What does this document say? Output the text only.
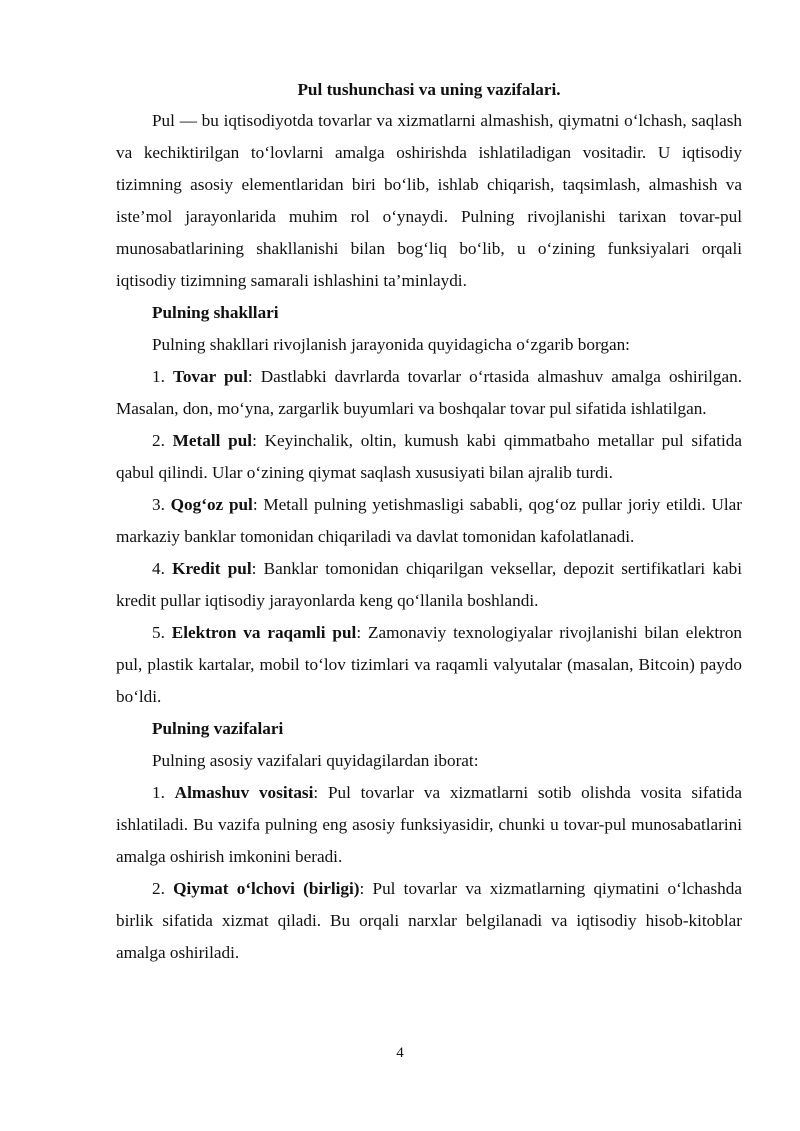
Pul tushunchasi va uning vazifalari.

Pul — bu iqtisodiyotda tovarlar va xizmatlarni almashish, qiymatni o‘lchash, saqlash va kechiktirilgan to‘lovlarni amalga oshirishda ishlatiladigan vositadir. U iqtisodiy tizimning asosiy elementlaridan biri bo‘lib, ishlab chiqarish, taqsimlash, almashish va iste’mol jarayonlarida muhim rol o‘ynaydi. Pulning rivojlanishi tarixan tovar-pul munosabatlarining shakllanishi bilan bog‘liq bo‘lib, u o‘zining funksiyalari orqali iqtisodiy tizimning samarali ishlashini ta’minlaydi.

Pulning shakllari

Pulning shakllari rivojlanish jarayonida quyidagicha o‘zgarib borgan:

1. Tovar pul: Dastlabki davrlarda tovarlar o‘rtasida almashuv amalga oshirilgan. Masalan, don, mo‘yna, zargarlik buyumlari va boshqalar tovar pul sifatida ishlatilgan.

2. Metall pul: Keyinchalik, oltin, kumush kabi qimmatbaho metallar pul sifatida qabul qilindi. Ular o‘zining qiymat saqlash xususiyati bilan ajralib turdi.

3. Qog‘oz pul: Metall pulning yetishmasligi sababli, qog‘oz pullar joriy etildi. Ular markaziy banklar tomonidan chiqariladi va davlat tomonidan kafolatlanadi.

4. Kredit pul: Banklar tomonidan chiqarilgan veksellar, depozit sertifikatlari kabi kredit pullar iqtisodiy jarayonlarda keng qo‘llanila boshlandi.

5. Elektron va raqamli pul: Zamonaviy texnologiyalar rivojlanishi bilan elektron pul, plastik kartalar, mobil to‘lov tizimlari va raqamli valyutalar (masalan, Bitcoin) paydo bo‘ldi.

Pulning vazifalari

Pulning asosiy vazifalari quyidagilardan iborat:

1. Almashuv vositasi: Pul tovarlar va xizmatlarni sotib olishda vosita sifatida ishlatiladi. Bu vazifa pulning eng asosiy funksiyasidir, chunki u tovar-pul munosabatlarini amalga oshirish imkonini beradi.

2. Qiymat o‘lchovi (birligi): Pul tovarlar va xizmatlarning qiymatini o‘lchashda birlik sifatida xizmat qiladi. Bu orqali narxlar belgilanadi va iqtisodiy hisob-kitoblar amalga oshiriladi.

4
